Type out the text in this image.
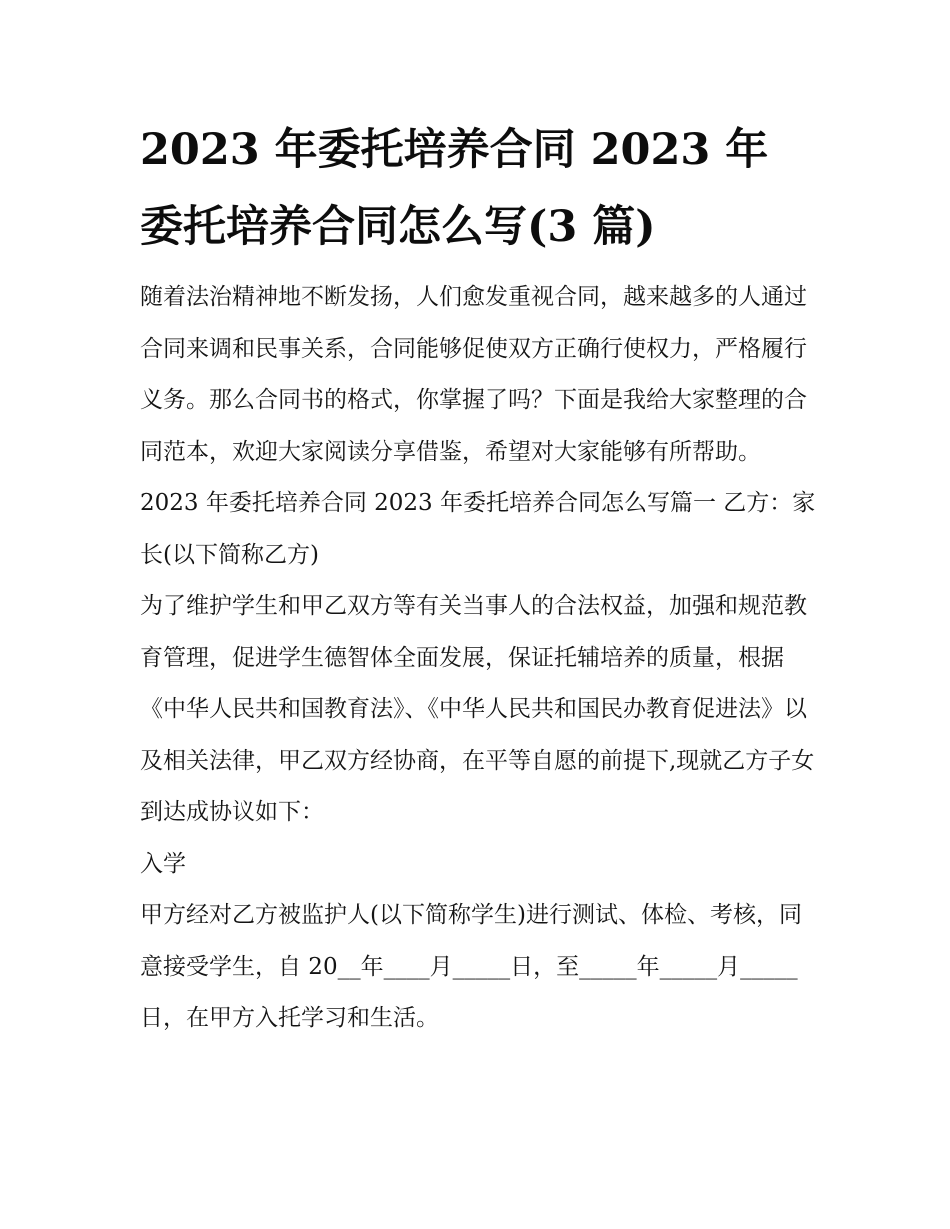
2023 年委托培养合同 2023 年
委托培养合同怎么写(3 篇)

随着法治精神地不断发扬，人们愈发重视合同，越来越多的人通过合同来调和民事关系，合同能够促使双方正确行使权力，严格履行义务。那么合同书的格式，你掌握了吗？下面是我给大家整理的合同范本，欢迎大家阅读分享借鉴，希望对大家能够有所帮助。

2023 年委托培养合同 2023 年委托培养合同怎么写篇一 乙方：家长(以下简称乙方)

为了维护学生和甲乙双方等有关当事人的合法权益，加强和规范教育管理，促进学生德智体全面发展，保证托辅培养的质量，根据《中华人民共和国教育法》、《中华人民共和国民办教育促进法》以及相关法律，甲乙双方经协商，在平等自愿的前提下,现就乙方子女到达成协议如下：

入学

甲方经对乙方被监护人(以下简称学生)进行测试、体检、考核，同意接受学生，自 20__年____月_____日，至_____年_____月_____日，在甲方入托学习和生活。
